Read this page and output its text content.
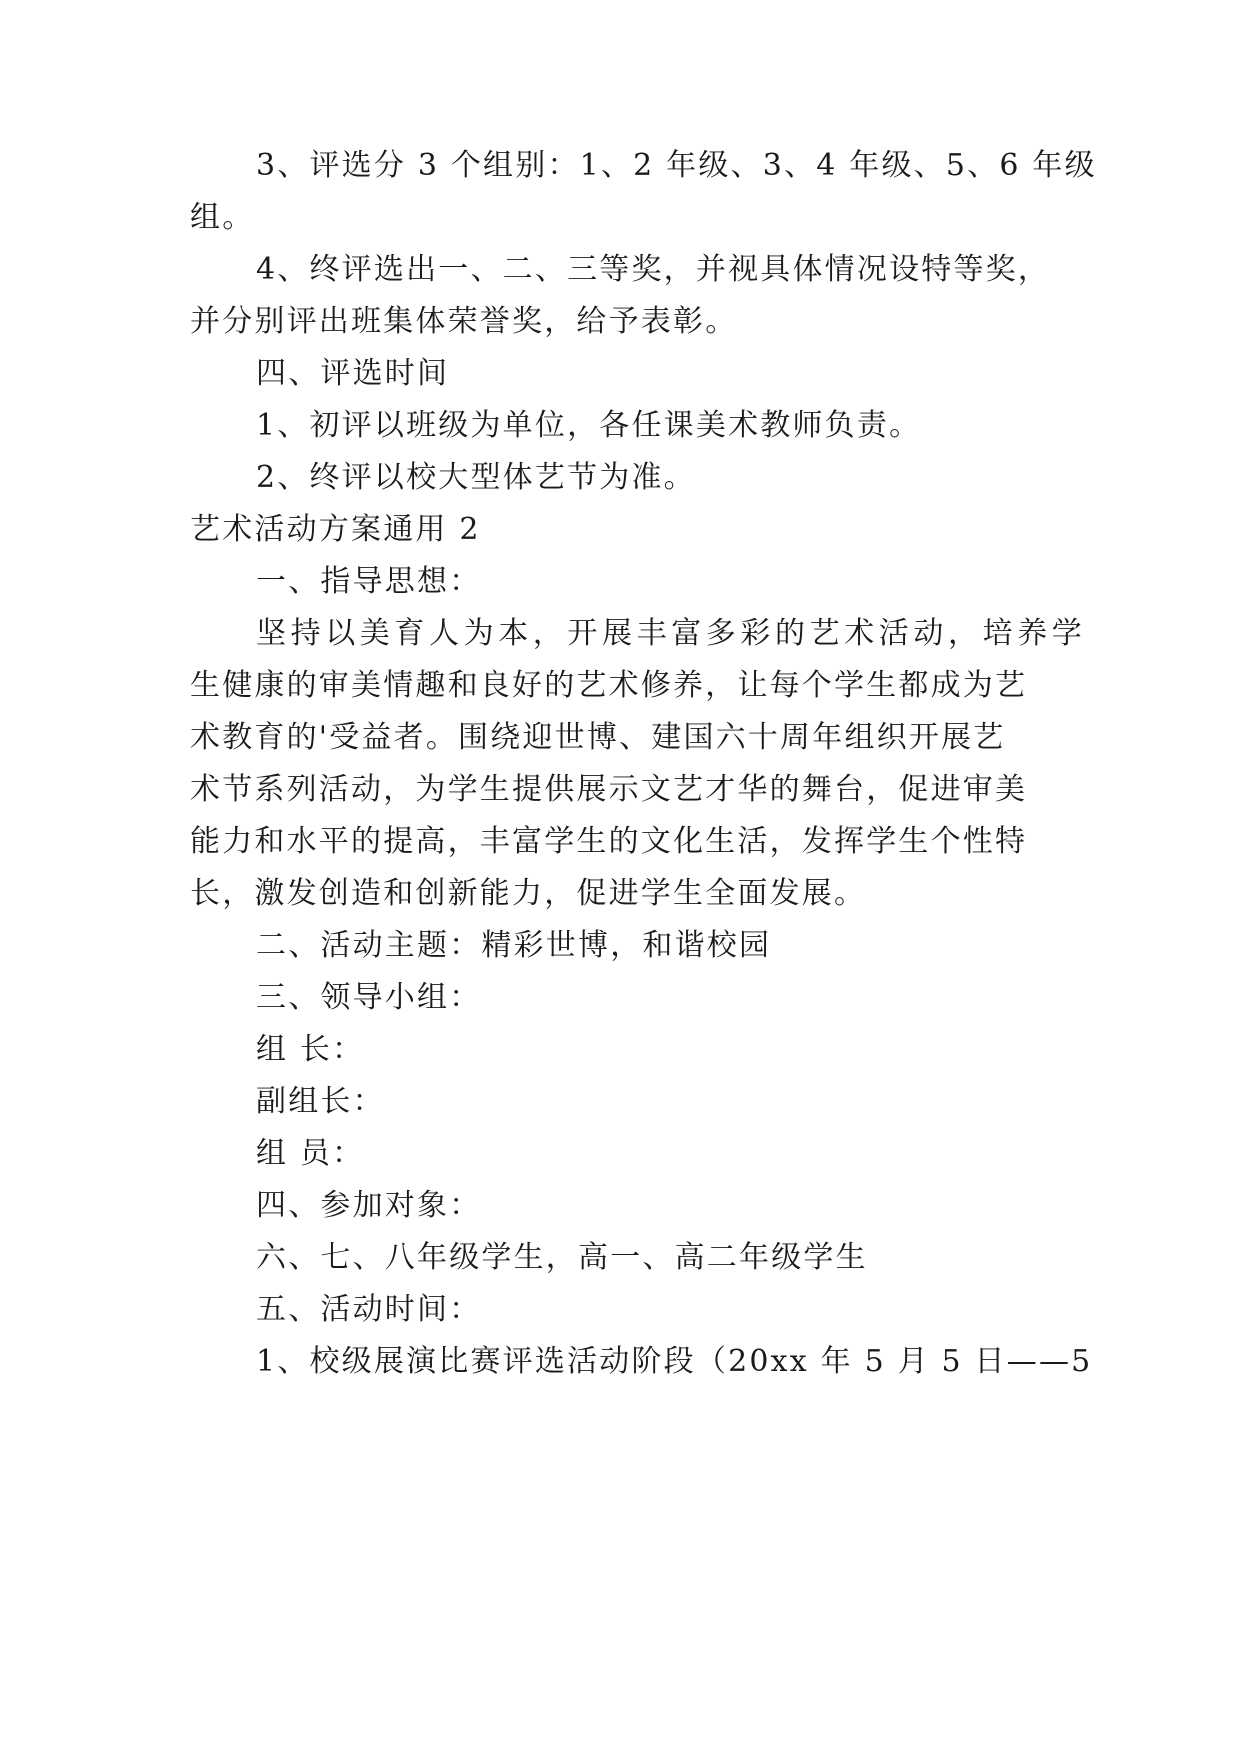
3、评选分 3 个组别：1、2 年级、3、4 年级、5、6 年级
组。
4、终评选出一、二、三等奖，并视具体情况设特等奖，
并分别评出班集体荣誉奖，给予表彰。
四、评选时间
1、初评以班级为单位，各任课美术教师负责。
2、终评以校大型体艺节为准。
艺术活动方案通用 2
一、指导思想：
坚持以美育人为本，开展丰富多彩的艺术活动，培养学
生健康的审美情趣和良好的艺术修养，让每个学生都成为艺
术教育的'受益者。围绕迎世博、建国六十周年组织开展艺
术节系列活动，为学生提供展示文艺才华的舞台，促进审美
能力和水平的提高，丰富学生的文化生活，发挥学生个性特
长，激发创造和创新能力，促进学生全面发展。
二、活动主题：精彩世博，和谐校园
三、领导小组：
组 长：
副组长：
组 员：
四、参加对象：
六、七、八年级学生，高一、高二年级学生
五、活动时间：
1、校级展演比赛评选活动阶段（20xx 年 5 月 5 日——5
